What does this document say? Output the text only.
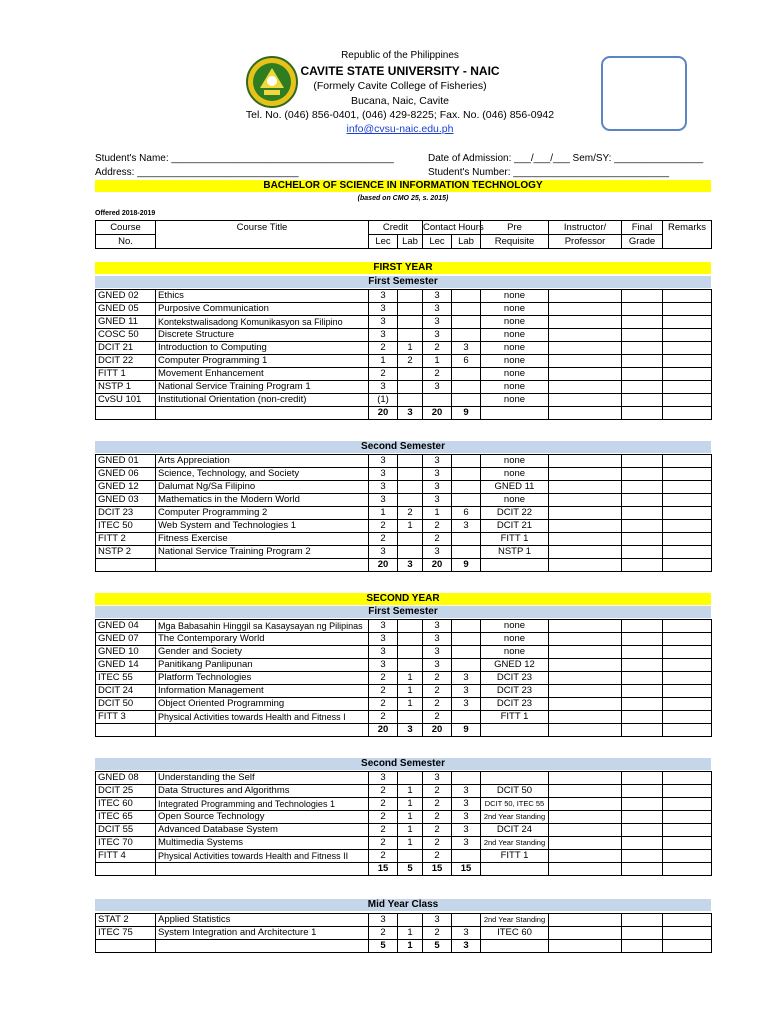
Republic of the Philippines
CAVITE STATE UNIVERSITY - NAIC
(Formely Cavite College of Fisheries)
Bucana, Naic, Cavite
Tel. No. (046) 856-0401, (046) 429-8225; Fax. No. (046) 856-0942
info@cvsu-naic.edu.ph
Student's Name: ________________________________________
Address: _____________________________
Date of Admission: ___/___/___ Sem/SY: ________________
Student's Number: ____________________________
BACHELOR OF SCIENCE IN INFORMATION TECHNOLOGY
(based on CMO 25, s. 2015)
Offered 2018-2019
Course	Course Title	Credit		Contact Hours		Pre	Instructor/	Final	Remarks
No.		Lec	Lab	Lec	Lab	Requisite	Professor	Grade	
FIRST YEAR
First Semester
GNED 02	Ethics	3		3		none			
GNED 05	Purposive Communication	3		3		none			
GNED 11	Kontekstwalisadong Komunikasyon sa Filipino	3		3		none			
COSC 50	Discrete Structure	3		3		none			
DCIT 21	Introduction to Computing	2	1	2	3	none			
DCIT 22	Computer Programming 1	1	2	1	6	none			
FITT 1	Movement Enhancement	2		2		none			
NSTP 1	National Service Training Program 1	3		3		none			
CvSU 101	Institutional Orientation (non-credit)	(1)				none			
		20	3	20	9				
Second Semester
GNED 01	Arts Appreciation	3		3		none			
GNED 06	Science, Technology, and Society	3		3		none			
GNED 12	Dalumat Ng/Sa Filipino	3		3		GNED 11			
GNED 03	Mathematics in the Modern World	3		3		none			
DCIT 23	Computer Programming 2	1	2	1	6	DCIT 22			
ITEC 50	Web System and Technologies 1	2	1	2	3	DCIT 21			
FITT 2	Fitness Exercise	2		2		FITT 1			
NSTP 2	National Service Training Program 2	3		3		NSTP 1			
		20	3	20	9				
SECOND YEAR
First Semester
GNED 04	Mga Babasahin Hinggil sa Kasaysayan ng Pilipinas	3		3		none			
GNED 07	The Contemporary World	3		3		none			
GNED 10	Gender and Society	3		3		none			
GNED 14	Panitikang Panlipunan	3		3		GNED 12			
ITEC 55	Platform Technologies	2	1	2	3	DCIT 23			
DCIT 24	Information Management	2	1	2	3	DCIT 23			
DCIT 50	Object Oriented Programming	2	1	2	3	DCIT 23			
FITT 3	Physical Activities towards Health and Fitness I	2		2		FITT 1			
		20	3	20	9				
Second Semester
GNED 08	Understanding the Self	3		3					
DCIT 25	Data Structures and Algorithms	2	1	2	3	DCIT 50			
ITEC 60	Integrated Programming and Technologies 1	2	1	2	3	DCIT 50, ITEC 55			
ITEC 65	Open Source Technology	2	1	2	3	2nd Year Standing			
DCIT 55	Advanced Database System	2	1	2	3	DCIT 24			
ITEC 70	Multimedia Systems	2	1	2	3	2nd Year Standing			
FITT 4	Physical Activities towards Health and Fitness II	2		2		FITT 1			
		15	5	15	15				
Mid Year Class
STAT 2	Applied Statistics	3		3		2nd Year Standing			
ITEC 75	System Integration and Architecture 1	2	1	2	3	ITEC 60			
		5	1	5	3				
